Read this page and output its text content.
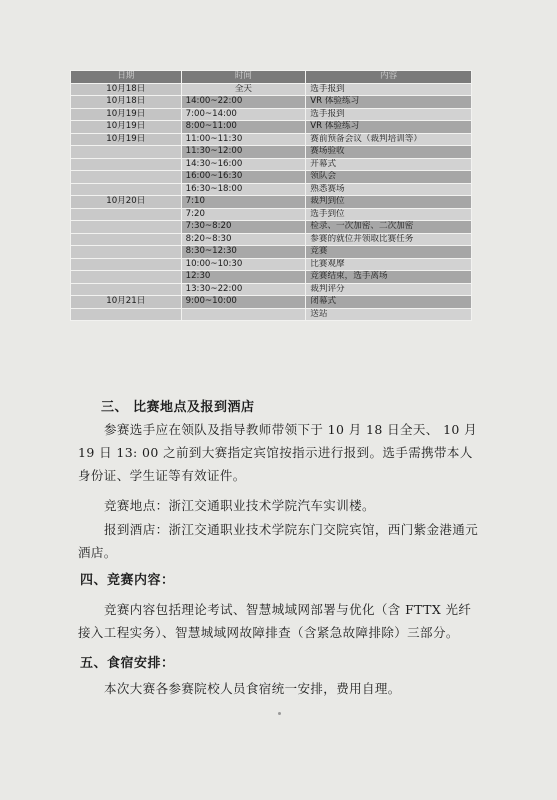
日期	时间	内容
10月18日	全天	选手报到
10月18日	14:00~22:00	VR 体验练习
10月19日	7:00~14:00	选手报到
10月19日	8:00~11:00	VR 体验练习
10月19日	11:00~11:30	赛前预备会议（裁判培训等）
	11:30~12:00	赛场验收
	14:30~16:00	开幕式
	16:00~16:30	领队会
	16:30~18:00	熟悉赛场
10月20日	7:10	裁判到位
	7:20	选手到位
	7:30~8:20	检录、一次加密、二次加密
	8:20~8:30	参赛的就位并领取比赛任务
	8:30~12:30	竞赛
	10:00~10:30	比赛观摩
	12:30	竞赛结束，选手离场
	13:30~22:00	裁判评分
10月21日	9:00~10:00	闭幕式
		送站
三、 比赛地点及报到酒店
参赛选手应在领队及指导教师带领下于 10 月 18 日全天、 10 月 19 日 13: 00 之前到大赛指定宾馆按指示进行报到。选手需携带本人身份证、学生证等有效证件。
竞赛地点：浙江交通职业技术学院汽车实训楼。
报到酒店：浙江交通职业技术学院东门交院宾馆，西门紫金港通元酒店。
四、竞赛内容：
竞赛内容包括理论考试、智慧城域网部署与优化（含 FTTX 光纤接入工程实务）、智慧城域网故障排查（含紧急故障排除）三部分。
五、食宿安排：
本次大赛各参赛院校人员食宿统一安排，费用自理。
